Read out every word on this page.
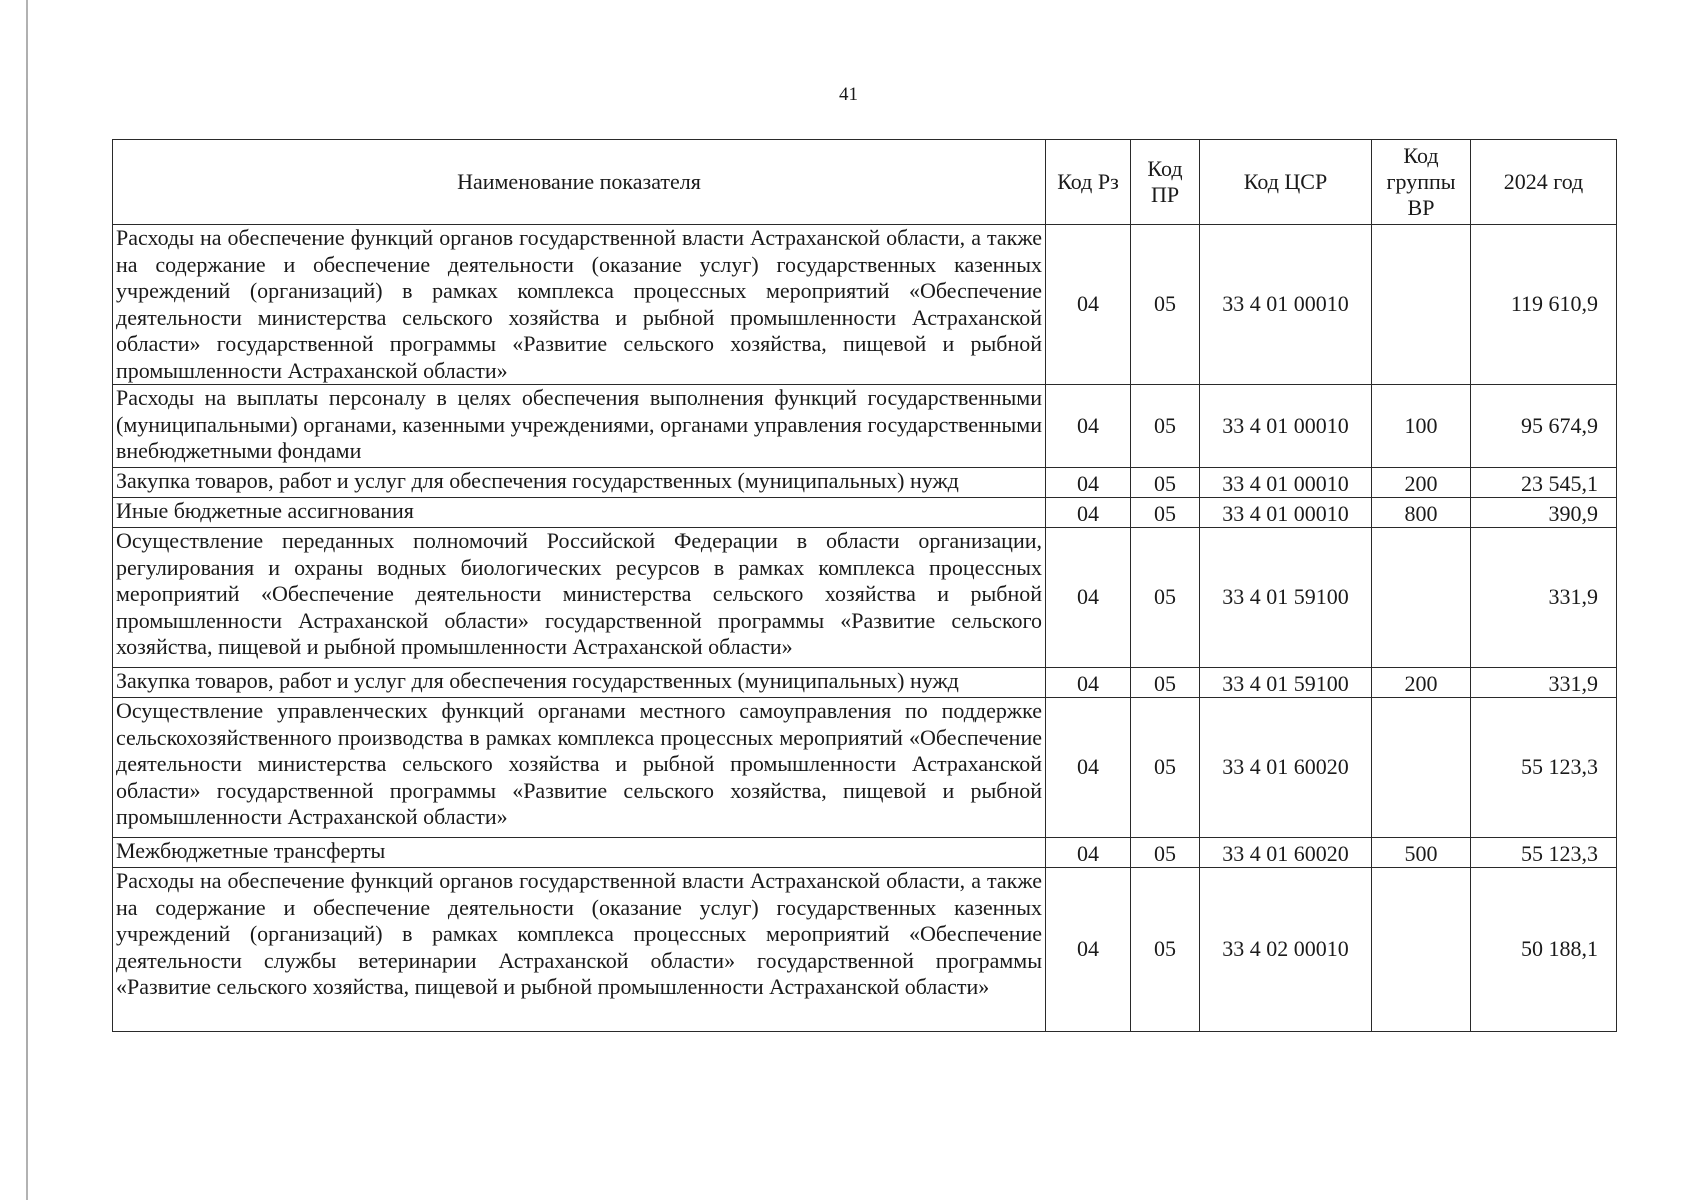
41
Наименование показателя	Код Рз	Код ПР	Код ЦСР	Код группы ВР	2024 год
Расходы на обеспечение функций органов государственной власти Астраханской области, а также на содержание и обеспечение деятельности (оказание услуг) государственных казенных учреждений (организаций) в рамках комплекса процессных мероприятий «Обеспечение деятельности министерства сельского хозяйства и рыбной промышленности Астраханской области» государственной программы «Развитие сельского хозяйства, пищевой и рыбной промышленности Астраханской области»	04	05	33 4 01 00010		119 610,9
Расходы на выплаты персоналу в целях обеспечения выполнения функций государственными (муниципальными) органами, казенными учреждениями, органами управления государственными внебюджетными фондами	04	05	33 4 01 00010	100	95 674,9
Закупка товаров, работ и услуг для обеспечения государственных (муниципальных) нужд	04	05	33 4 01 00010	200	23 545,1
Иные бюджетные ассигнования	04	05	33 4 01 00010	800	390,9
Осуществление переданных полномочий Российской Федерации в области организации, регулирования и охраны водных биологических ресурсов в рамках комплекса процессных мероприятий «Обеспечение деятельности министерства сельского хозяйства и рыбной промышленности Астраханской области» государственной программы «Развитие сельского хозяйства, пищевой и рыбной промышленности Астраханской области»	04	05	33 4 01 59100		331,9
Закупка товаров, работ и услуг для обеспечения государственных (муниципальных) нужд	04	05	33 4 01 59100	200	331,9
Осуществление управленческих функций органами местного самоуправления по поддержке сельскохозяйственного производства в рамках комплекса процессных мероприятий «Обеспечение деятельности министерства сельского хозяйства и рыбной промышленности Астраханской области» государственной программы «Развитие сельского хозяйства, пищевой и рыбной промышленности Астраханской области»	04	05	33 4 01 60020		55 123,3
Межбюджетные трансферты	04	05	33 4 01 60020	500	55 123,3
Расходы на обеспечение функций органов государственной власти Астраханской области, а также на содержание и обеспечение деятельности (оказание услуг) государственных казенных учреждений (организаций) в рамках комплекса процессных мероприятий «Обеспечение деятельности службы ветеринарии Астраханской области» государственной программы «Развитие сельского хозяйства, пищевой и рыбной промышленности Астраханской области»	04	05	33 4 02 00010		50 188,1
